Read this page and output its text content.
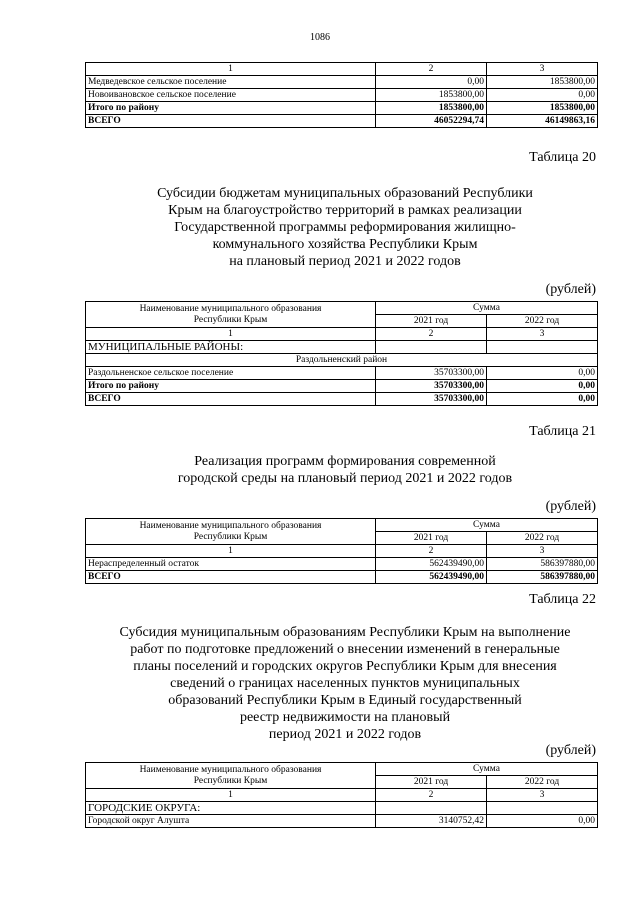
1086
1	2	3
Медведевское сельское поселение	0,00	1853800,00
Новоивановское сельское поселение	1853800,00	0,00
Итого по району	1853800,00	1853800,00
ВСЕГО	46052294,74	46149863,16
Таблица 20
Субсидии бюджетам муниципальных образований Республики
Крым на благоустройство территорий в рамках реализации
Государственной программы реформирования жилищно-
коммунального хозяйства Республики Крым
на плановый период 2021 и 2022 годов
(рублей)
Наименование муниципального образования
Республики Крым	Сумма	
	2021 год	2022 год
1	2	3
МУНИЦИПАЛЬНЫЕ РАЙОНЫ:		
Раздольненский район		
Раздольненское сельское поселение	35703300,00	0,00
Итого по району	35703300,00	0,00
ВСЕГО	35703300,00	0,00
Таблица 21
Реализация программ формирования современной
городской среды на плановый период 2021 и 2022 годов
(рублей)
Наименование муниципального образования
Республики Крым	Сумма	
	2021 год	2022 год
1	2	3
Нераспределенный остаток	562439490,00	586397880,00
ВСЕГО	562439490,00	586397880,00
Таблица 22
Субсидия муниципальным образованиям Республики Крым на выполнение
работ по подготовке предложений о внесении изменений в генеральные
планы поселений и городских округов Республики Крым для внесения
сведений о границах населенных пунктов муниципальных
образований Республики Крым в Единый государственный
реестр недвижимости на плановый
период 2021 и 2022 годов
(рублей)
Наименование муниципального образования
Республики Крым	Сумма	
	2021 год	2022 год
1	2	3
ГОРОДСКИЕ ОКРУГА:		
Городской округ Алушта	3140752,42	0,00
